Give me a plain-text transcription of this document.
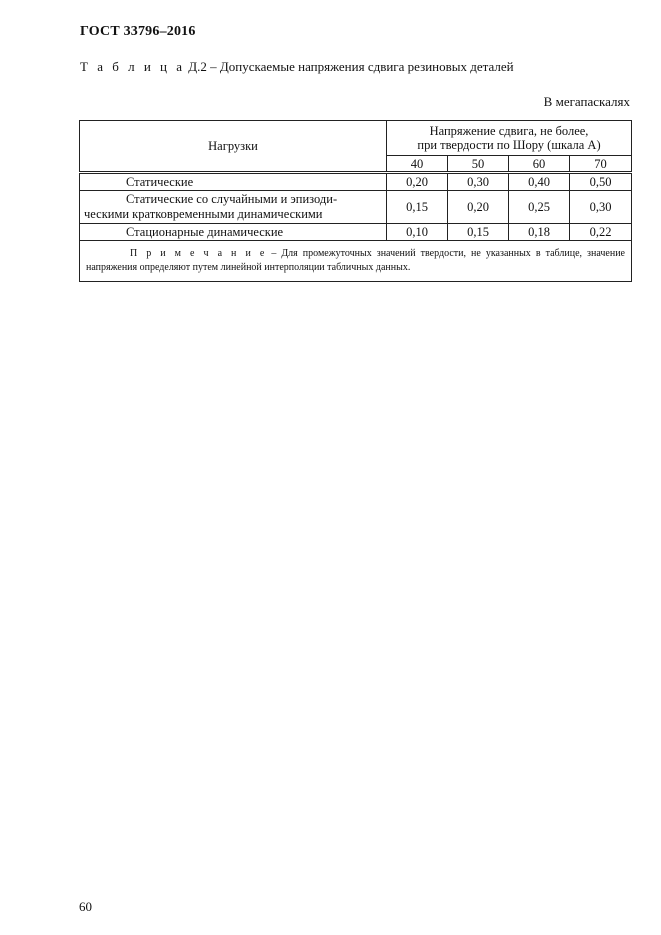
ГОСТ 33796–2016
Т а б л и ц а Д.2 – Допускаемые напряжения сдвига резиновых деталей
В мегапаскалях
Нагрузки	Напряжение сдвига, не более,
при твердости по Шору (шкала А)			

	40	50	60	70
Статические	0,20	0,30	0,40	0,50

Статические со случайными и эпизоди-
ческими кратковременными динамическими	0,15	0,20	0,25	0,30
Стационарные динамические	0,10	0,15	0,18	0,22
П р и м е ч а н и е – Для промежуточных значений твердости, не указанных в таблице, значение напряжения определяют путем линейной интерполяции табличных данных.				
60
